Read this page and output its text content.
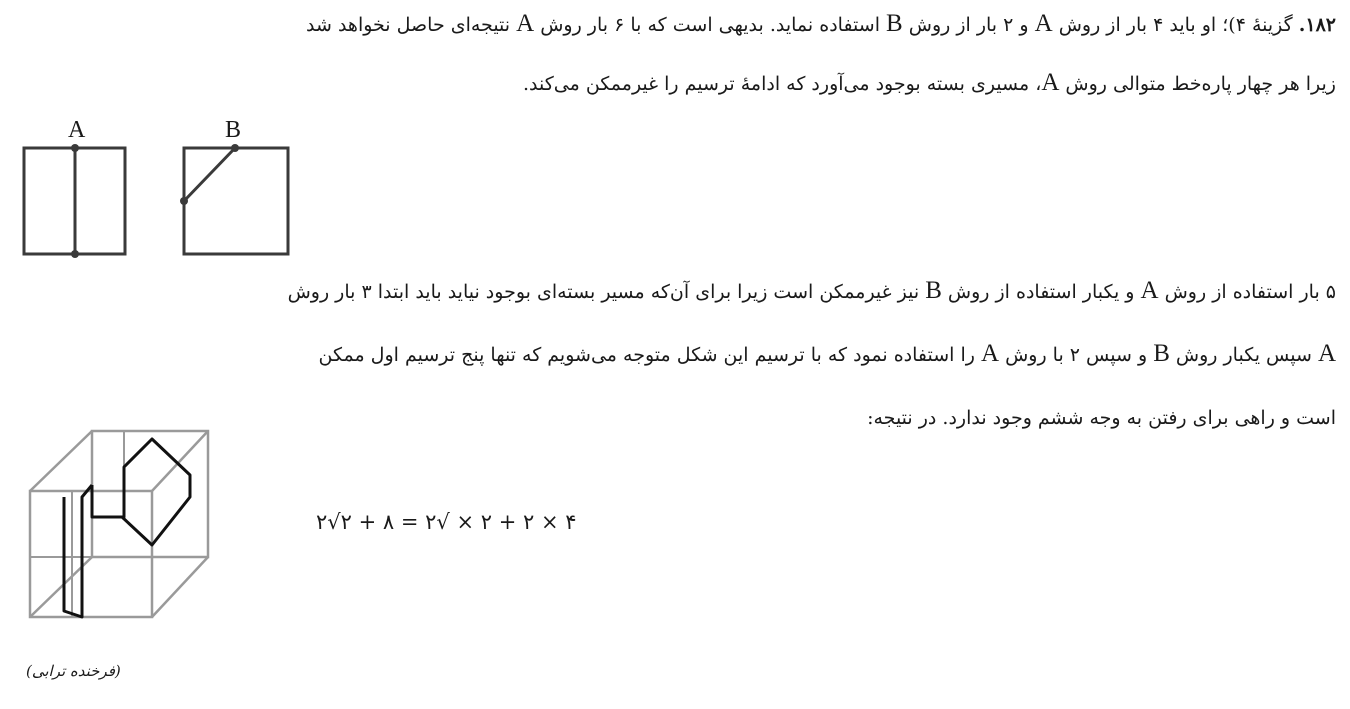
۱۸۲. گزینهٔ ۴)؛ او باید ۴ بار از روش A و ۲ بار از روش B استفاده نماید. بدیهی است که با ۶ بار روش A نتیجه‌ای حاصل نخواهد شد
زیرا هر چهار پاره‌خط متوالی روش A، مسیری بسته بوجود می‌آورد که ادامهٔ ترسیم را غیرممکن می‌کند.
A	B
۵ بار استفاده از روش A و یکبار استفاده از روش B نیز غیرممکن است زیرا برای آن‌که مسیر بسته‌ای بوجود نیاید باید ابتدا ۳ بار روش
A سپس یکبار روش B و سپس ۲ با روش A را استفاده نمود که با ترسیم این شکل متوجه می‌شویم که تنها پنج ترسیم اول ممکن
است و راهی برای رفتن به وجه ششم وجود ندارد. در نتیجه:
۴ × ۲ + ۲ × √۲ = ۸ + ۲√۲
(فرخنده ترابی)
